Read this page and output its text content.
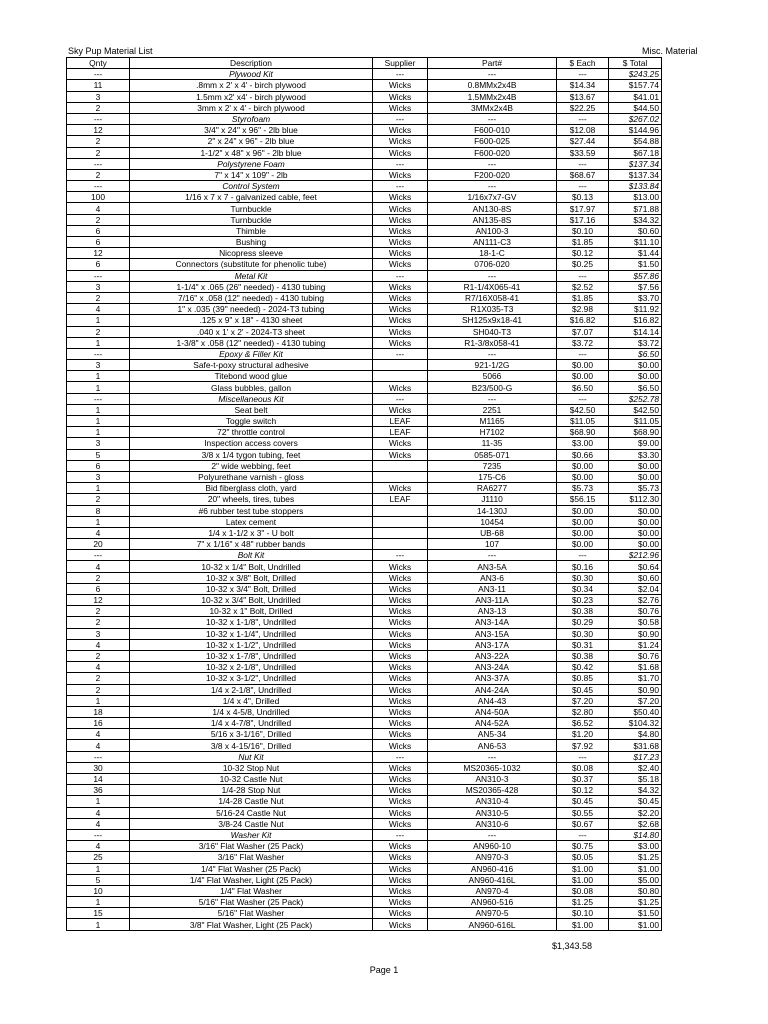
Sky Pup Material List	Misc. Material
Qnty	Description	Supplier	Part#	$ Each	$ Total
---	Plywood Kit	---	---	---	$243.25
11	.8mm x 2' x 4' - birch plywood	Wicks	0.8MMx2x4B	$14.34	$157.74
3	1.5mm x2' x4' - birch plywood	Wicks	1.5MMx2x4B	$13.67	$41.01
2	3mm x 2' x 4' - birch plywood	Wicks	3MMx2x4B	$22.25	$44.50
---	Styrofoam	---	---	---	$267.02
12	3/4" x 24" x 96" - 2lb blue	Wicks	F600-010	$12.08	$144.96
2	2" x 24" x 96" - 2lb blue	Wicks	F600-025	$27.44	$54.88
2	1-1/2" x 48" x 96" - 2lb blue	Wicks	F600-020	$33.59	$67.18
---	Polystyrene Foam	---	---	---	$137.34
2	7" x 14" x 109" - 2lb	Wicks	F200-020	$68.67	$137.34
---	Control System	---	---	---	$133.84
100	1/16 x 7 x 7 - galvanized cable, feet	Wicks	1/16x7x7-GV	$0.13	$13.00
4	Turnbuckle	Wicks	AN130-8S	$17.97	$71.88
2	Turnbuckle	Wicks	AN135-8S	$17.16	$34.32
6	Thimble	Wicks	AN100-3	$0.10	$0.60
6	Bushing	Wicks	AN111-C3	$1.85	$11.10
12	Nicopress sleeve	Wicks	18-1-C	$0.12	$1.44
6	Connectors (substitute for phenolic tube)	Wicks	0706-020	$0.25	$1.50
---	Metal Kit	---	---	---	$57.86
3	1-1/4" x .065 (26" needed) - 4130 tubing	Wicks	R1-1/4X065-41	$2.52	$7.56
2	7/16" x .058 (12" needed) - 4130 tubing	Wicks	R7/16X058-41	$1.85	$3.70
4	1" x .035 (39" needed) - 2024-T3 tubing	Wicks	R1X035-T3	$2.98	$11.92
1	.125 x 9" x 18" - 4130 sheet	Wicks	SH125x9x18-41	$16.82	$16.82
2	.040 x 1' x 2' - 2024-T3 sheet	Wicks	SH040-T3	$7.07	$14.14
1	1-3/8" x .058 (12" needed) - 4130 tubing	Wicks	R1-3/8x058-41	$3.72	$3.72
---	Epoxy & Filler Kit	---	---	---	$6.50
3	Safe-t-poxy structural adhesive		921-1/2G	$0.00	$0.00
1	Titebond wood glue		5066	$0.00	$0.00
1	Glass bubbles, gallon	Wicks	B23/500-G	$6.50	$6.50
---	Miscellaneous Kit	---	---	---	$252.78
1	Seat belt	Wicks	2251	$42.50	$42.50
1	Toggle switch	LEAF	M1165	$11.05	$11.05
1	72" throttle control	LEAF	H7102	$68.90	$68.90
3	Inspection access covers	Wicks	11-35	$3.00	$9.00
5	3/8 x 1/4 tygon tubing, feet	Wicks	0585-071	$0.66	$3.30
6	2" wide webbing, feet		7235	$0.00	$0.00
3	Polyurethane varnish - gloss		175-C6	$0.00	$0.00
1	Bid fiberglass cloth, yard	Wicks	RA6277	$5.73	$5.73
2	20" wheels, tires, tubes	LEAF	J1110	$56.15	$112.30
8	#6 rubber test tube stoppers		14-130J	$0.00	$0.00
1	Latex cement		10454	$0.00	$0.00
4	1/4 x 1-1/2 x 3" - U bolt		UB-68	$0.00	$0.00
20	7" x 1/16" x 48" rubber bands		107	$0.00	$0.00
---	Bolt Kit	---	---	---	$212.96
4	10-32 x 1/4" Bolt, Undrilled	Wicks	AN3-5A	$0.16	$0.64
2	10-32 x 3/8" Bolt, Drilled	Wicks	AN3-6	$0.30	$0.60
6	10-32 x 3/4" Bolt, Drilled	Wicks	AN3-11	$0.34	$2.04
12	10-32 x 3/4" Bolt, Undrilled	Wicks	AN3-11A	$0.23	$2.76
2	10-32 x 1" Bolt, Drilled	Wicks	AN3-13	$0.38	$0.76
2	10-32 x 1-1/8", Undrilled	Wicks	AN3-14A	$0.29	$0.58
3	10-32 x 1-1/4", Undrilled	Wicks	AN3-15A	$0.30	$0.90
4	10-32 x 1-1/2", Undrilled	Wicks	AN3-17A	$0.31	$1.24
2	10-32 x 1-7/8", Undrilled	Wicks	AN3-22A	$0.38	$0.76
4	10-32 x 2-1/8", Undrilled	Wicks	AN3-24A	$0.42	$1.68
2	10-32 x 3-1/2", Undrilled	Wicks	AN3-37A	$0.85	$1.70
2	1/4 x 2-1/8", Undrilled	Wicks	AN4-24A	$0.45	$0.90
1	1/4 x 4", Drilled	Wicks	AN4-43	$7.20	$7.20
18	1/4 x 4-5/8, Undrilled	Wicks	AN4-50A	$2.80	$50.40
16	1/4 x 4-7/8", Undrilled	Wicks	AN4-52A	$6.52	$104.32
4	5/16 x 3-1/16", Drilled	Wicks	AN5-34	$1.20	$4.80
4	3/8 x 4-15/16", Drilled	Wicks	AN6-53	$7.92	$31.68
---	Nut Kit	---	---	---	$17.23
30	10-32 Stop Nut	Wicks	MS20365-1032	$0.08	$2.40
14	10-32 Castle Nut	Wicks	AN310-3	$0.37	$5.18
36	1/4-28 Stop Nut	Wicks	MS20365-428	$0.12	$4.32
1	1/4-28 Castle Nut	Wicks	AN310-4	$0.45	$0.45
4	5/16-24 Castle Nut	Wicks	AN310-5	$0.55	$2.20
4	3/8-24 Castle Nut	Wicks	AN310-6	$0.67	$2.68
---	Washer Kit	---	---	---	$14.80
4	3/16" Flat Washer (25 Pack)	Wicks	AN960-10	$0.75	$3.00
25	3/16" Flat Washer	Wicks	AN970-3	$0.05	$1.25
1	1/4" Flat Washer (25 Pack)	Wicks	AN960-416	$1.00	$1.00
5	1/4" Flat Washer, Light (25 Pack)	Wicks	AN960-416L	$1.00	$5.00
10	1/4" Flat Washer	Wicks	AN970-4	$0.08	$0.80
1	5/16" Flat Washer (25 Pack)	Wicks	AN960-516	$1.25	$1.25
15	5/16" Flat Washer	Wicks	AN970-5	$0.10	$1.50
1	3/8" Flat Washer, Light (25 Pack)	Wicks	AN960-616L	$1.00	$1.00
$1,343.58
Page 1
